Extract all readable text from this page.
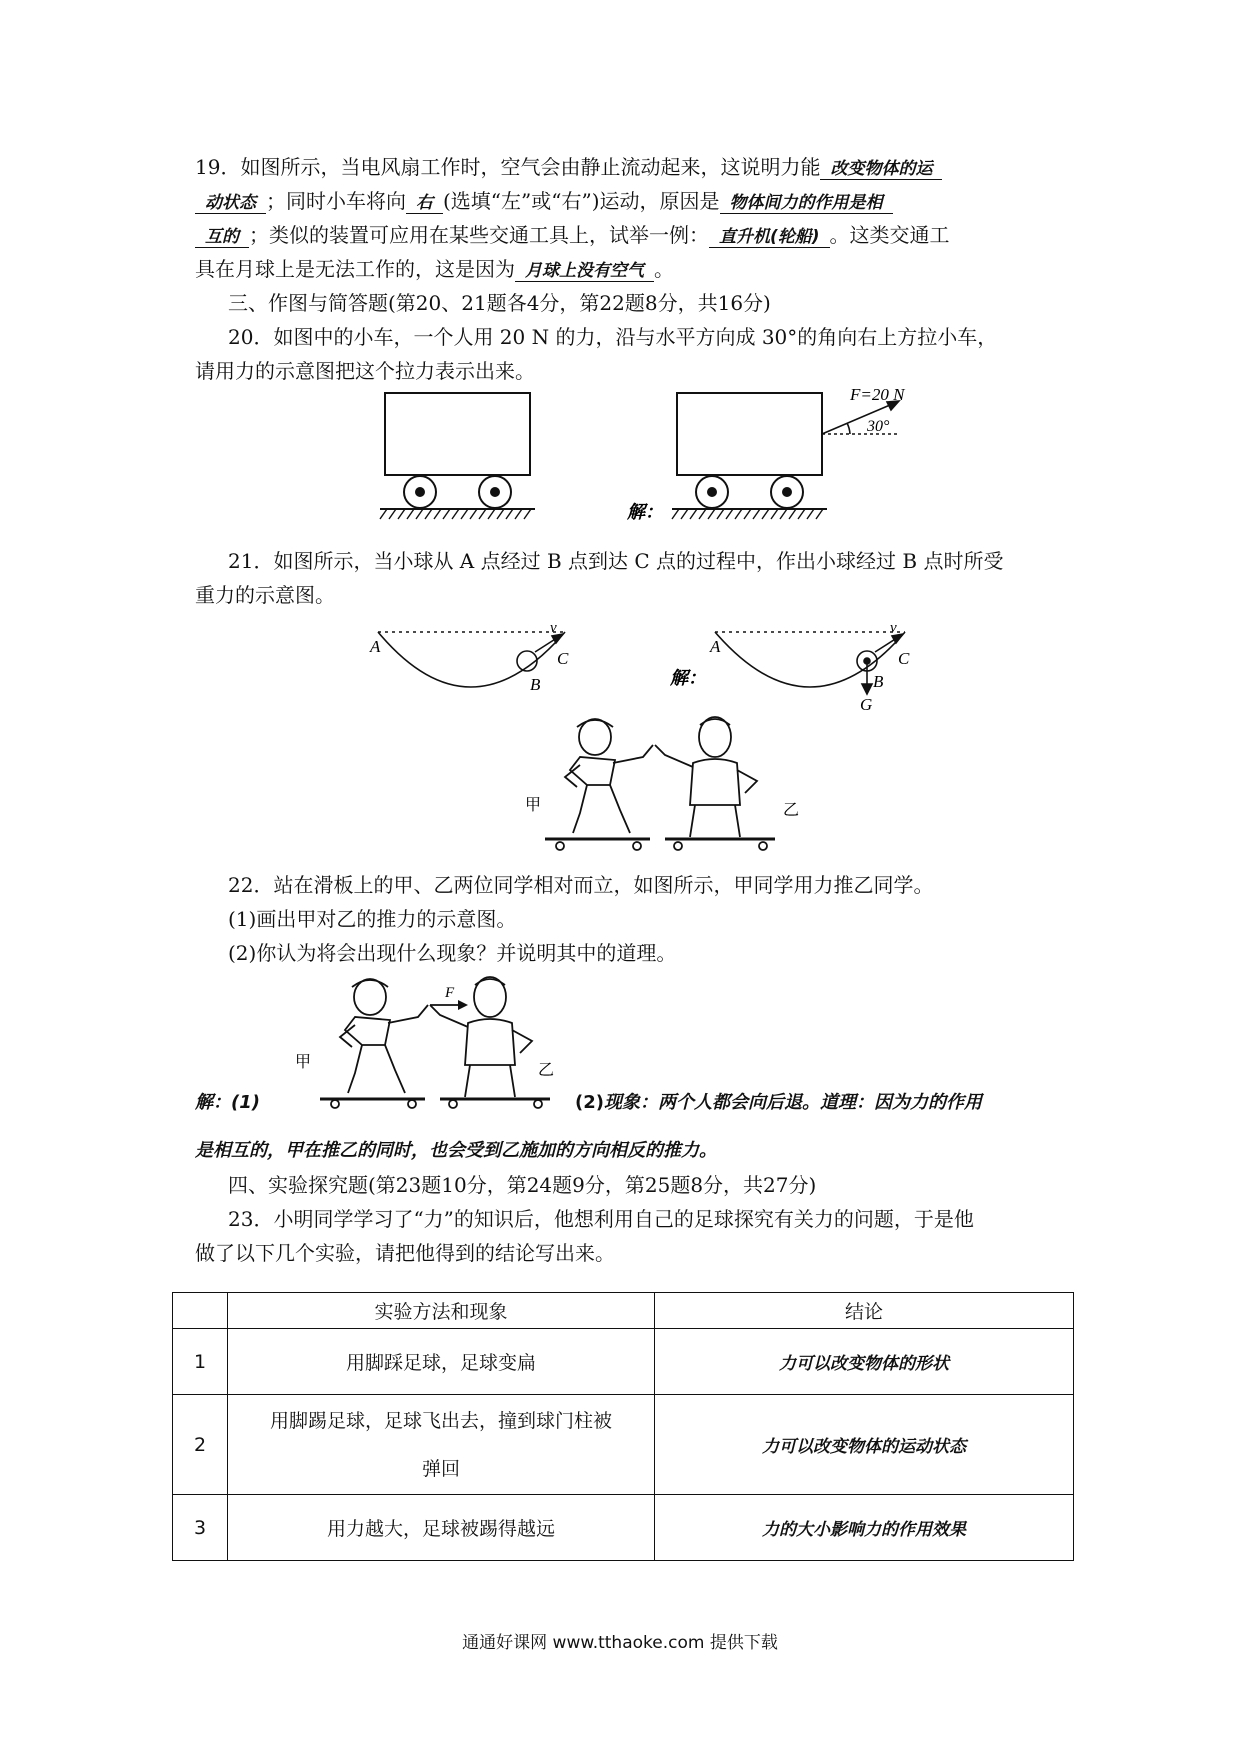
19．如图所示，当电风扇工作时，空气会由静止流动起来，这说明力能 改变物体的运
动状态 ；同时小车将向 右 (选填“左”或“右”)运动，原因是 物体间力的作用是相
互的 ；类似的装置可应用在某些交通工具上，试举一例： 直升机(轮船) 。这类交通工
具在月球上是无法工作的，这是因为 月球上没有空气 。
三、作图与简答题(第20、21题各4分，第22题8分，共16分)
20．如图中的小车，一个人用 20 N 的力，沿与水平方向成 30°的角向右上方拉小车，
请用力的示意图把这个拉力表示出来。
F=20 N
30°
解：
21．如图所示，当小球从 A 点经过 B 点到达 C 点的过程中，作出小球经过 B 点时所受
重力的示意图。
A
B
C
v
A
B
C
v
G
解：
甲	乙
22．站在滑板上的甲、乙两位同学相对而立，如图所示，甲同学用力推乙同学。
(1)画出甲对乙的推力的示意图。
(2)你认为将会出现什么现象？并说明其中的道理。
F
甲	乙
解：(1)	(2)现象：两个人都会向后退。道理：因为力的作用
是相互的，甲在推乙的同时，也会受到乙施加的方向相反的推力。
四、实验探究题(第23题10分，第24题9分，第25题8分，共27分)
23．小明同学学习了“力”的知识后，他想利用自己的足球探究有关力的问题，于是他
做了以下几个实验，请把他得到的结论写出来。
	实验方法和现象	结论
1	用脚踩足球，足球变扁	力可以改变物体的形状
2	用脚踢足球，足球飞出去，撞到球门柱被
弹回	力可以改变物体的运动状态
3	用力越大，足球被踢得越远	力的大小影响力的作用效果
通通好课网 www.tthaoke.com 提供下载
